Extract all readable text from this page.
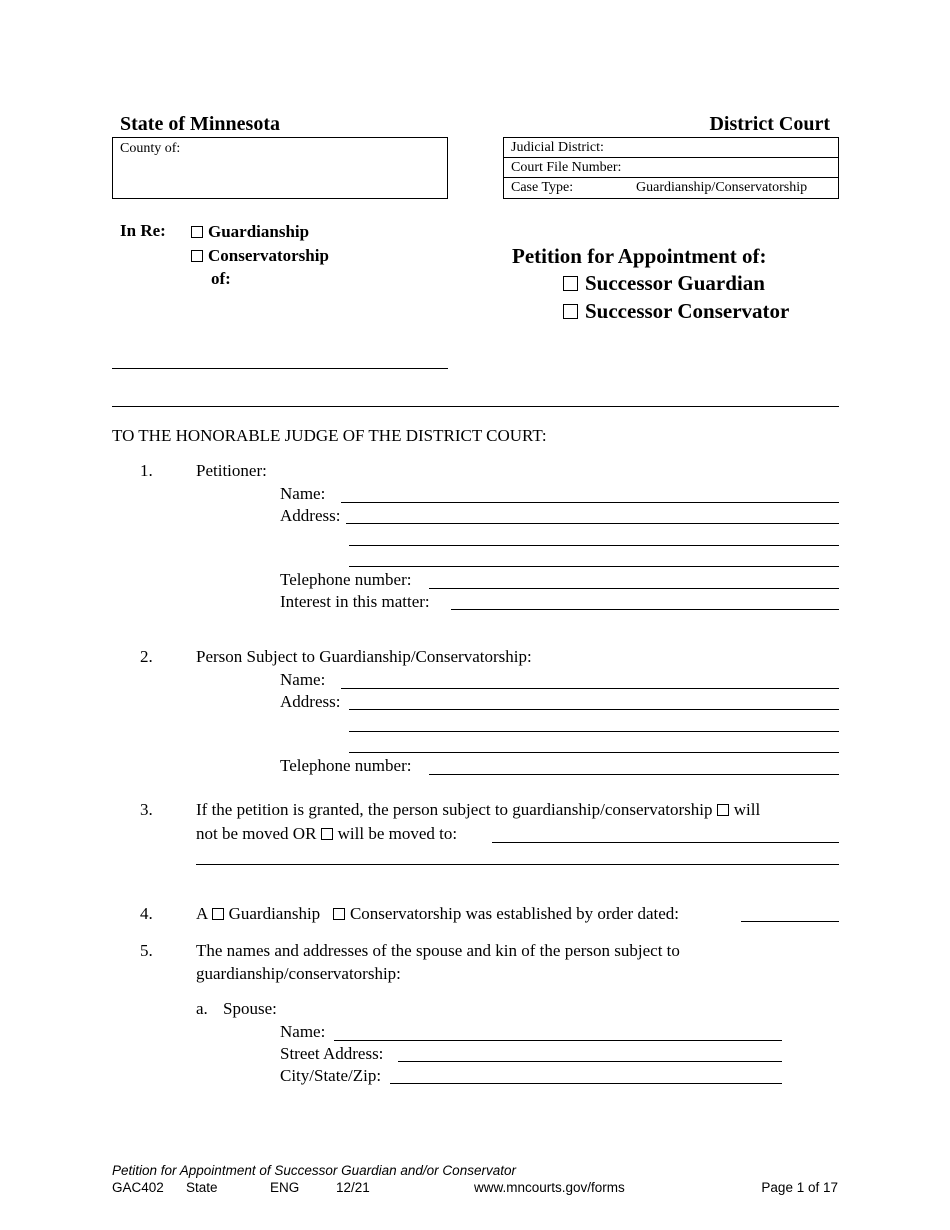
State of Minnesota	District Court
County of:	Judicial District:
Court File Number:
Case Type:	Guardianship/Conservatorship
In Re:	Guardianship
Conservatorship
of:
Petition for Appointment of:
Successor Guardian
Successor Conservator
TO THE HONORABLE JUDGE OF THE DISTRICT COURT:
1.	Petitioner:
Name:
Address:
Telephone number:
Interest in this matter:
2.	Person Subject to Guardianship/Conservatorship:
Name:
Address:
Telephone number:
3.	If the petition is granted, the person subject to guardianship/conservatorship will
not be moved OR will be moved to:
4.	A Guardianship Conservatorship was established by order dated:
5.	The names and addresses of the spouse and kin of the person subject to
guardianship/conservatorship:
a. Spouse:
Name:
Street Address:
City/State/Zip:
Petition for Appointment of Successor Guardian and/or Conservator
GAC402 State	ENG	12/21	www.mncourts.gov/forms	Page 1 of 17
